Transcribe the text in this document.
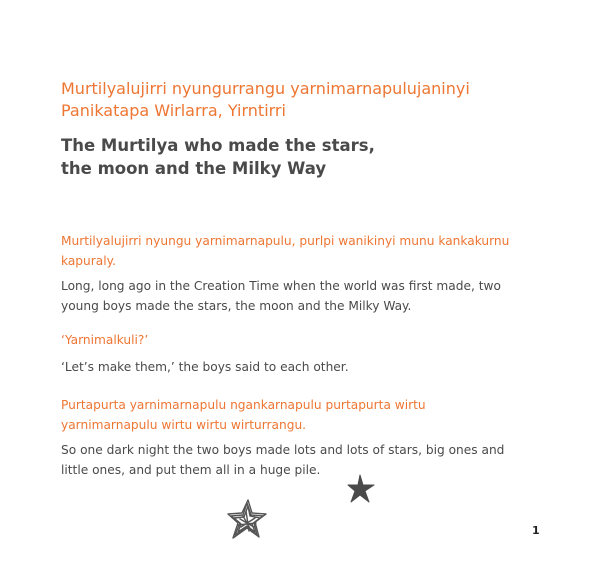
Murtilyalujirri nyungurrangu yarnimarnapulujaninyi
Panikatapa Wirlarra, Yirntirri
The Murtilya who made the stars,
the moon and the Milky Way
Murtilyalujirri nyungu yarnimarnapulu, purlpi wanikinyi munu kankakurnu
kapuraly.
Long, long ago in the Creation Time when the world was first made, two
young boys made the stars, the moon and the Milky Way.
‘Yarnimalkuli?’
‘Let’s make them,’ the boys said to each other.
Purtapurta yarnimarnapulu ngankarnapulu purtapurta wirtu
yarnimarnapulu wirtu wirtu wirturrangu.
So one dark night the two boys made lots and lots of stars, big ones and
little ones, and put them all in a huge pile.
1
